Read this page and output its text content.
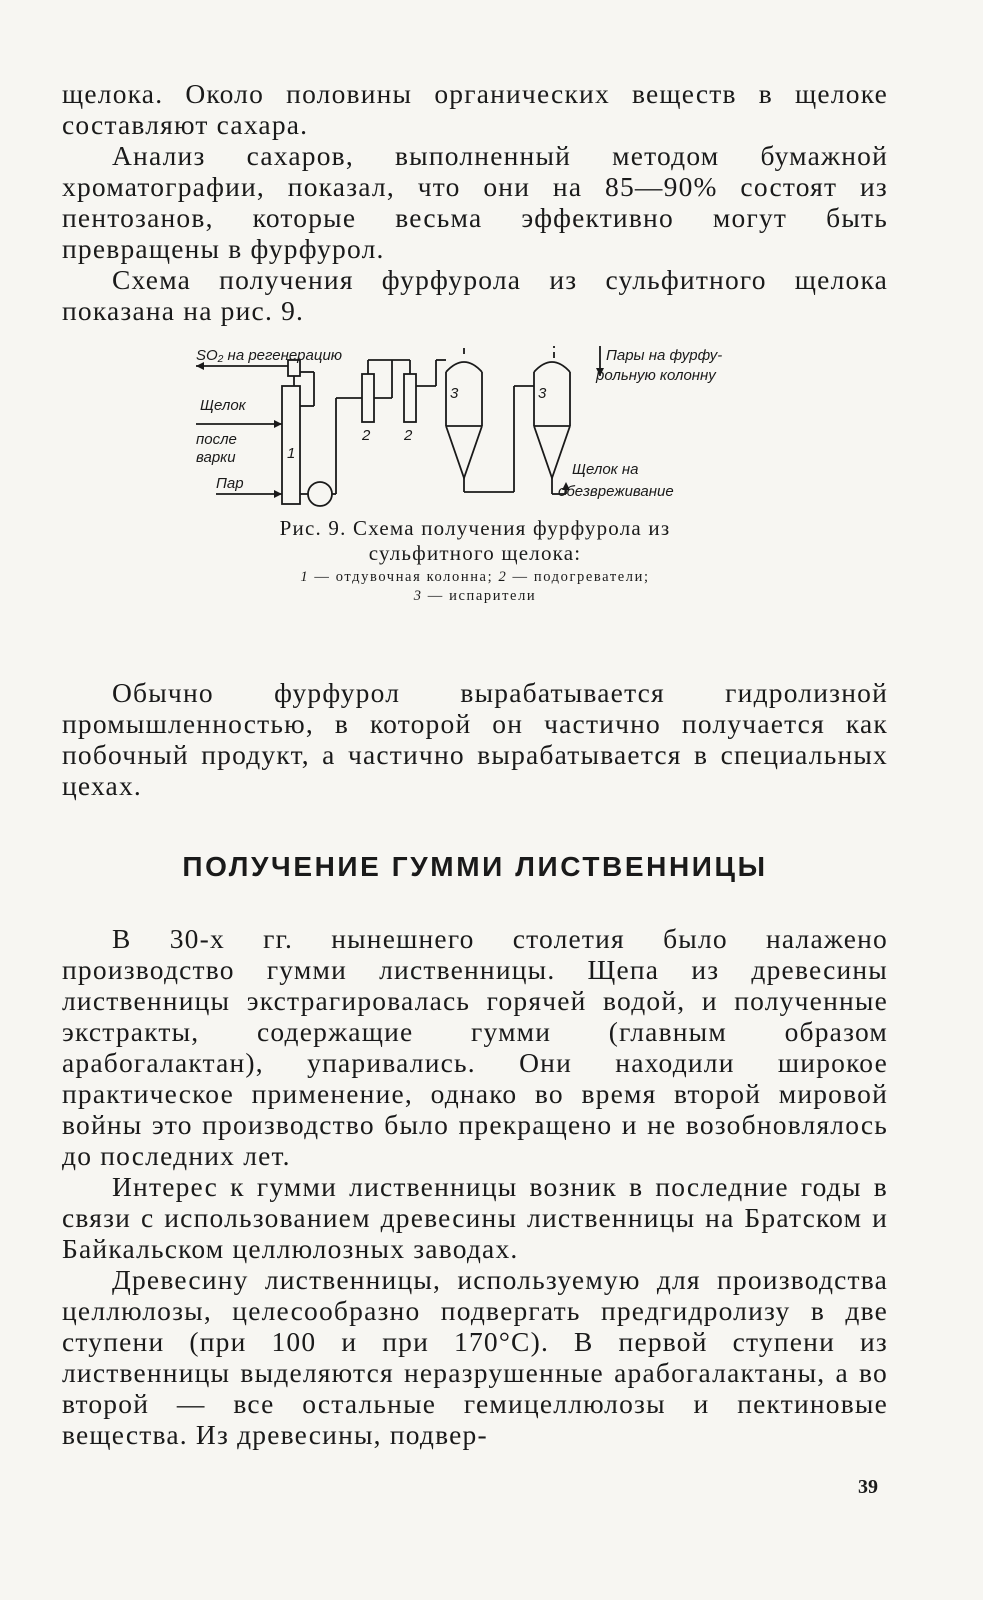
щелока. Около половины органических веществ в щелоке составляют сахара.

Анализ сахаров, выполненный методом бумажной хроматографии, показал, что они на 85—90% состоят из пентозанов, которые весьма эффективно могут быть превращены в фурфурол.

Схема получения фурфурола из сульфитного щелока показана на рис. 9.

SO₂ на регенерацию
Щелок
после
варки
Пар
1
2 2
3	3
Пары на фурфу-
рольную колонну
Щелок на
обезвреживание
Рис. 9. Схема получения фурфурола из
сульфитного щелока:
1 — отдувочная колонна; 2 — подогреватели;
3 — испарители

Обычно фурфурол вырабатывается гидролизной промышленностью, в которой он частично получается как побочный продукт, а частично вырабатывается в специальных цехах.

ПОЛУЧЕНИЕ ГУММИ ЛИСТВЕННИЦЫ

В 30-х гг. нынешнего столетия было налажено производство гумми лиственницы. Щепа из древесины лиственницы экстрагировалась горячей водой, и полученные экстракты, содержащие гумми (главным образом арабогалактан), упаривались. Они находили широкое практическое применение, однако во время второй мировой войны это производство было прекращено и не возобновлялось до последних лет.

Интерес к гумми лиственницы возник в последние годы в связи с использованием древесины лиственницы на Братском и Байкальском целлюлозных заводах.

Древесину лиственницы, используемую для производства целлюлозы, целесообразно подвергать предгидролизу в две ступени (при 100 и при 170°С). В первой ступени из лиственницы выделяются неразрушенные арабогалактаны, а во второй — все остальные гемицеллюлозы и пектиновые вещества. Из древесины, подвер-

39
